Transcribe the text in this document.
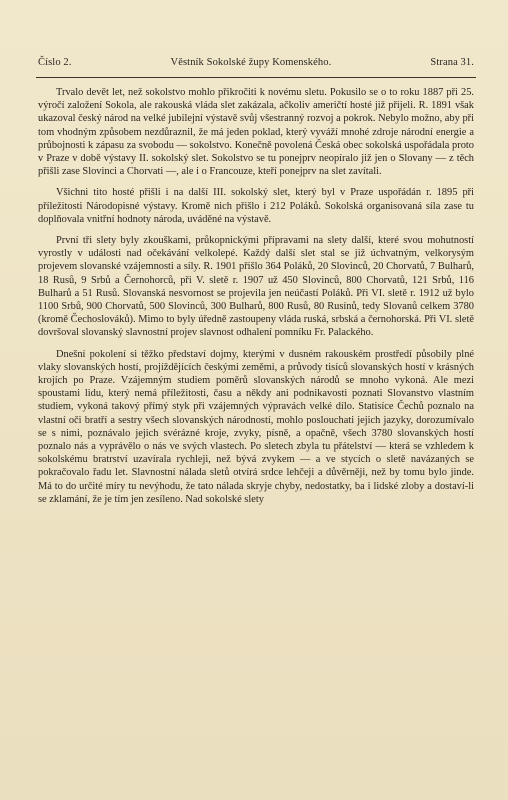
Číslo 2.	Věstník Sokolské župy Komenského.	Strana 31.

Trvalo devět let, než sokolstvo mohlo přikročiti k novému sletu. Pokusilo se o to roku 1887 při 25. výročí založení Sokola, ale rakouská vláda slet zakázala, ačkoliv američtí hosté již přijeli. R. 1891 však ukazoval český národ na velké jubilejní výstavě svůj všestranný rozvoj a pokrok. Nebylo možno, aby při tom vhodným způsobem nezdůraznil, že má jeden poklad, který vyváží mnohé zdroje národní energie a průbojnosti k zápasu za svobodu — sokolstvo. Konečně povolená Česká obec sokolská uspořádala proto v Praze v době výstavy II. sokolský slet. Sokolstvo se tu ponejprv neopíralo již jen o Slovany — z těch přišli zase Slovinci a Chorvati —, ale i o Francouze, kteří ponejprv na slet zavítali.

Všichni tito hosté přišli i na další III. sokolský slet, který byl v Praze uspořádán r. 1895 při příležitosti Národopisné výstavy. Kromě nich přišlo i 212 Poláků. Sokolská organisovaná síla zase tu doplňovala vnitřní hodnoty národa, uváděné na výstavě.

První tři slety byly zkouškami, průkopnickými přípravami na slety další, které svou mohutností vyrostly v události nad očekávání velkolepé. Každý další slet stal se již úchvatným, velkorysým projevem slovanské vzájemnosti a síly. R. 1901 přišlo 364 Poláků, 20 Slovinců, 20 Chorvatů, 7 Bulharů, 18 Rusů, 9 Srbů a Černohorců, při V. sletě r. 1907 už 450 Slovinců, 800 Chorvatů, 121 Srbů, 116 Bulharů a 51 Rusů. Slovanská nesvornost se projevila jen neúčastí Poláků. Při VI. sletě r. 1912 už bylo 1100 Srbů, 900 Chorvatů, 500 Slovinců, 300 Bulharů, 800 Rusů, 80 Rusínů, tedy Slovanů celkem 3780 (kromě Čechoslováků). Mimo to byly úředně zastoupeny vláda ruská, srbská a černohorská. Při VI. sletě dovršoval slovanský slavnostní projev slavnost odhalení pomníku Fr. Palackého.

Dnešní pokolení si těžko představí dojmy, kterými v dusném rakouském prostředí působily plné vlaky slovanských hostí, projíždějících českými zeměmi, a průvody tisíců slovanských hostí v krásných krojích po Praze. Vzájemným studiem poměrů slovanských národů se mnoho vykoná. Ale mezi spoustami lidu, který nemá příležitosti, času a někdy ani podnikavosti poznati Slovanstvo vlastním studiem, vykoná takový přímý styk při vzájemných výpravách velké dílo. Statisíce Čechů poznalo na vlastní oči bratří a sestry všech slovanských národností, mohlo poslouchati jejich jazyky, dorozumívalo se s nimi, poznávalo jejich svérázné kroje, zvyky, písně, a opačně, všech 3780 slovanských hostí poznalo nás a vyprávělo o nás ve svých vlastech. Po sletech zbyla tu přátelství — která se vzhledem k sokolskému bratrství uzavírala rychleji, než bývá zvykem — a ve stycích o sletě navázaných se pokračovalo řadu let. Slavnostní nálada sletů otvírá srdce lehčeji a důvěrněji, než by tomu bylo jinde. Má to do určité míry tu nevýhodu, že tato nálada skryje chyby, nedostatky, ba i lidské zloby a dostaví-li se zklamání, že je tím jen zesíleno. Nad sokolské slety
